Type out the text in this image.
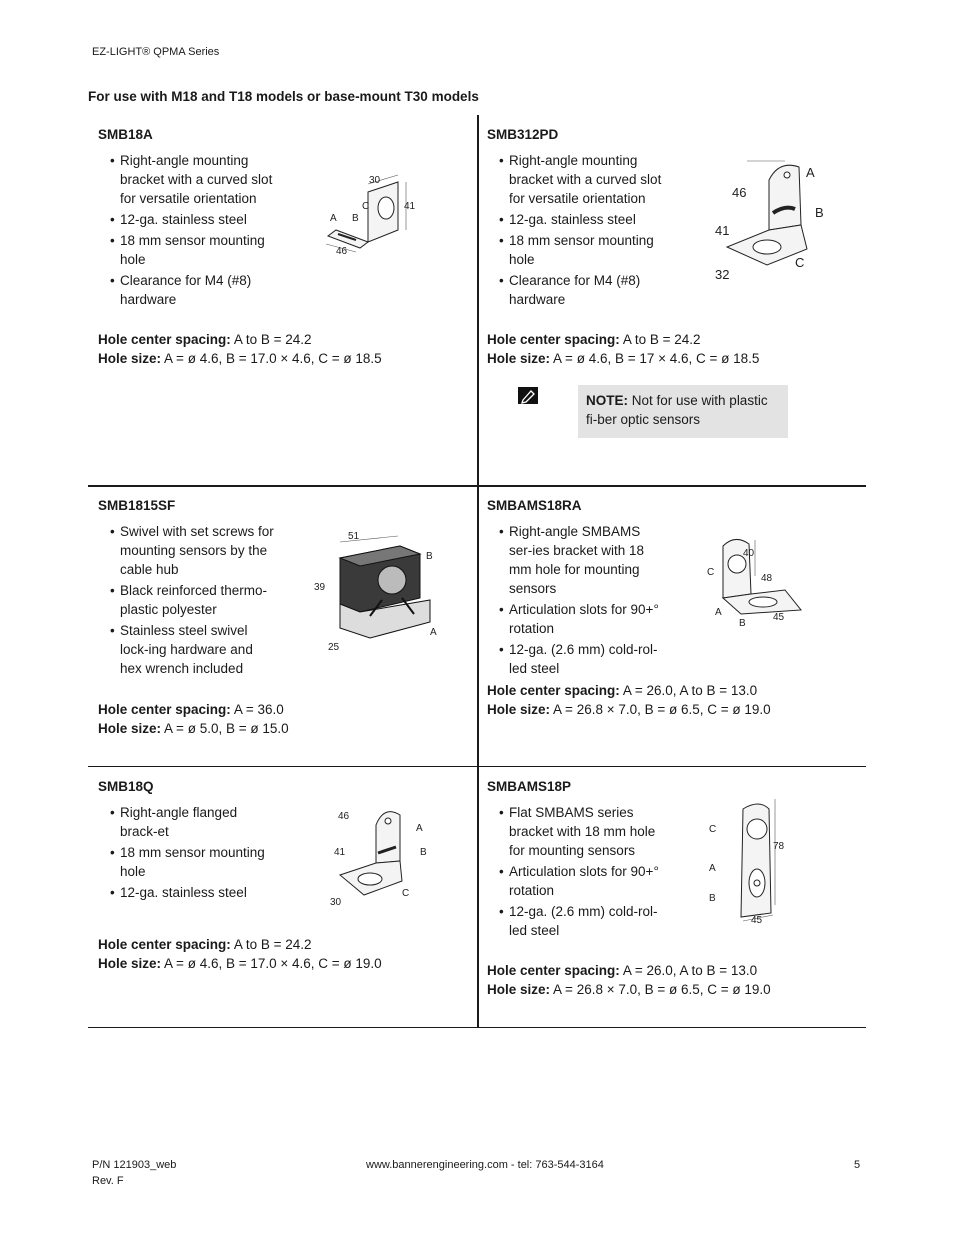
EZ-LIGHT® QPMA Series
For use with M18 and T18 models or base-mount T30 models
SMB18A
• Right-angle mounting bracket with a curved slot for versatile orientation
• 12-ga. stainless steel
• 18 mm sensor mounting hole
• Clearance for M4 (#8) hardware
30
41
46
A B
C
Hole center spacing: A to B = 24.2
Hole size: A = ø 4.6, B = 17.0 × 4.6, C = ø 18.5
SMB312PD
• Right-angle mounting bracket with a curved slot for versatile orientation
• 12-ga. stainless steel
• 18 mm sensor mounting hole
• Clearance for M4 (#8) hardware
46
41
32
A
B
C
Hole center spacing: A to B = 24.2
Hole size: A = ø 4.6, B = 17 × 4.6, C = ø 18.5
NOTE: Not for use with plastic fi-ber optic sensors
SMB1815SF
• Swivel with set screws for mounting sensors by the cable hub
• Black reinforced thermo-plastic polyester
• Stainless steel swivel lock-ing hardware and hex wrench included
51
39
25
B
A
Hole center spacing: A = 36.0
Hole size: A = ø 5.0, B = ø 15.0
SMBAMS18RA
• Right-angle SMBAMS ser-ies bracket with 18 mm hole for mounting sensors
• Articulation slots for 90+° rotation
• 12-ga. (2.6 mm) cold-rol-led steel
40
48
45
C
A
B
Hole center spacing: A = 26.0, A to B = 13.0
Hole size: A = 26.8 × 7.0, B = ø 6.5, C = ø 19.0
SMB18Q
• Right-angle flanged brack-et
• 18 mm sensor mounting hole
• 12-ga. stainless steel
46
41
30
A
B
C
Hole center spacing: A to B = 24.2
Hole size: A = ø 4.6, B = 17.0 × 4.6, C = ø 19.0
SMBAMS18P
• Flat SMBAMS series bracket with 18 mm hole for mounting sensors
• Articulation slots for 90+° rotation
• 12-ga. (2.6 mm) cold-rol-led steel
78
45
C
A
B
Hole center spacing: A = 26.0, A to B = 13.0
Hole size: A = 26.8 × 7.0, B = ø 6.5, C = ø 19.0
P/N 121903_web
Rev. F
www.bannerengineering.com - tel: 763-544-3164	5
